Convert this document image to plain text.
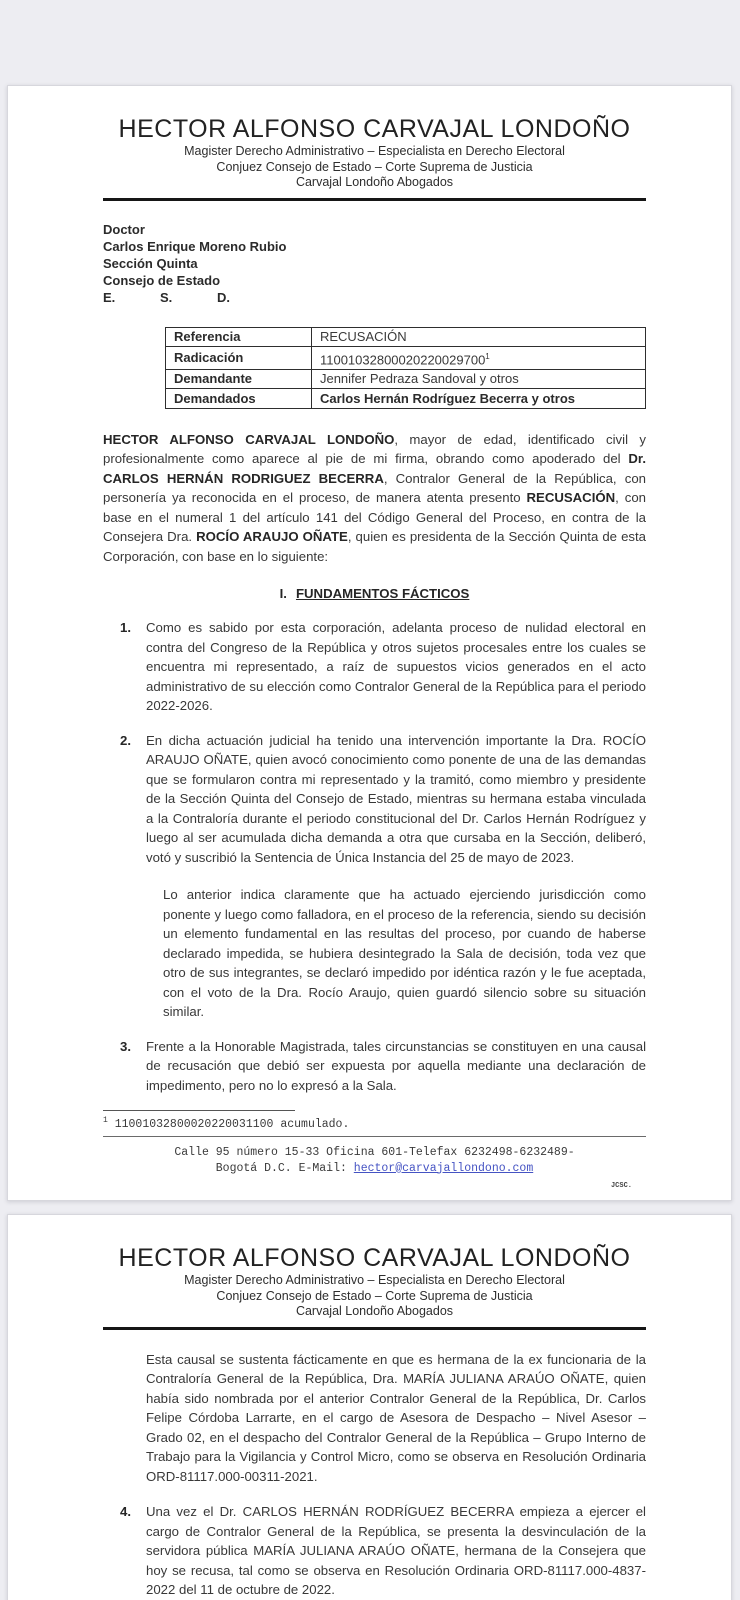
HECTOR ALFONSO CARVAJAL LONDOÑO
Magister Derecho Administrativo – Especialista en Derecho Electoral
Conjuez Consejo de Estado – Corte Suprema de Justicia
Carvajal Londoño Abogados
Doctor
Carlos Enrique Moreno Rubio
Sección Quinta
Consejo de Estado
E.	S.	D.
Referencia	RECUSACIÓN
Radicación	11001032800020220029700$^1$
Demandante	Jennifer Pedraza Sandoval y otros
Demandados	Carlos Hernán Rodríguez Becerra y otros

HECTOR ALFONSO CARVAJAL LONDOÑO, mayor de edad, identificado civil y profesionalmente como aparece al pie de mi firma, obrando como apoderado del Dr. CARLOS HERNÁN RODRIGUEZ BECERRA, Contralor General de la República, con personería ya reconocida en el proceso, de manera atenta presento RECUSACIÓN, con base en el numeral 1 del artículo 141 del Código General del Proceso, en contra de la Consejera Dra. ROCÍO ARAUJO OÑATE, quien es presidenta de la Sección Quinta de esta Corporación, con base en lo siguiente:

I. FUNDAMENTOS FÁCTICOS
1.	Como es sabido por esta corporación, adelanta proceso de nulidad electoral en contra del Congreso de la República y otros sujetos procesales entre los cuales se encuentra mi representado, a raíz de supuestos vicios generados en el acto administrativo de su elección como Contralor General de la República para el periodo 2022-2026.
2.	En dicha actuación judicial ha tenido una intervención importante la Dra. ROCÍO ARAUJO OÑATE, quien avocó conocimiento como ponente de una de las demandas que se formularon contra mi representado y la tramitó, como miembro y presidente de la Sección Quinta del Consejo de Estado, mientras su hermana estaba vinculada a la Contraloría durante el periodo constitucional del Dr. Carlos Hernán Rodríguez y luego al ser acumulada dicha demanda a otra que cursaba en la Sección, deliberó, votó y suscribió la Sentencia de Única Instancia del 25 de mayo de 2023.
Lo anterior indica claramente que ha actuado ejerciendo jurisdicción como ponente y luego como falladora, en el proceso de la referencia, siendo su decisión un elemento fundamental en las resultas del proceso, por cuando de haberse declarado impedida, se hubiera desintegrado la Sala de decisión, toda vez que otro de sus integrantes, se declaró impedido por idéntica razón y le fue aceptada, con el voto de la Dra. Rocío Araujo, quien guardó silencio sobre su situación similar.
3.	Frente a la Honorable Magistrada, tales circunstancias se constituyen en una causal de recusación que debió ser expuesta por aquella mediante una declaración de impedimento, pero no lo expresó a la Sala.
$^1$ 11001032800020220031100 acumulado.
Calle 95 número 15-33 Oficina 601-Telefax 6232498-6232489-
Bogotá D.C. E-Mail: hector@carvajallondono.com
JCSC.
HECTOR ALFONSO CARVAJAL LONDOÑO
Magister Derecho Administrativo – Especialista en Derecho Electoral
Conjuez Consejo de Estado – Corte Suprema de Justicia
Carvajal Londoño Abogados

Esta causal se sustenta fácticamente en que es hermana de la ex funcionaria de la Contraloría General de la República, Dra. MARÍA JULIANA ARAÚO OÑATE, quien había sido nombrada por el anterior Contralor General de la República, Dr. Carlos Felipe Córdoba Larrarte, en el cargo de Asesora de Despacho – Nivel Asesor – Grado 02, en el despacho del Contralor General de la República – Grupo Interno de Trabajo para la Vigilancia y Control Micro, como se observa en Resolución Ordinaria ORD-81117.000-00311-2021.

4.	Una vez el Dr. CARLOS HERNÁN RODRÍGUEZ BECERRA empieza a ejercer el cargo de Contralor General de la República, se presenta la desvinculación de la servidora pública MARÍA JULIANA ARAÚO OÑATE, hermana de la Consejera que hoy se recusa, tal como se observa en Resolución Ordinaria ORD-81117.000-4837-2022 del 11 de octubre de 2022.
